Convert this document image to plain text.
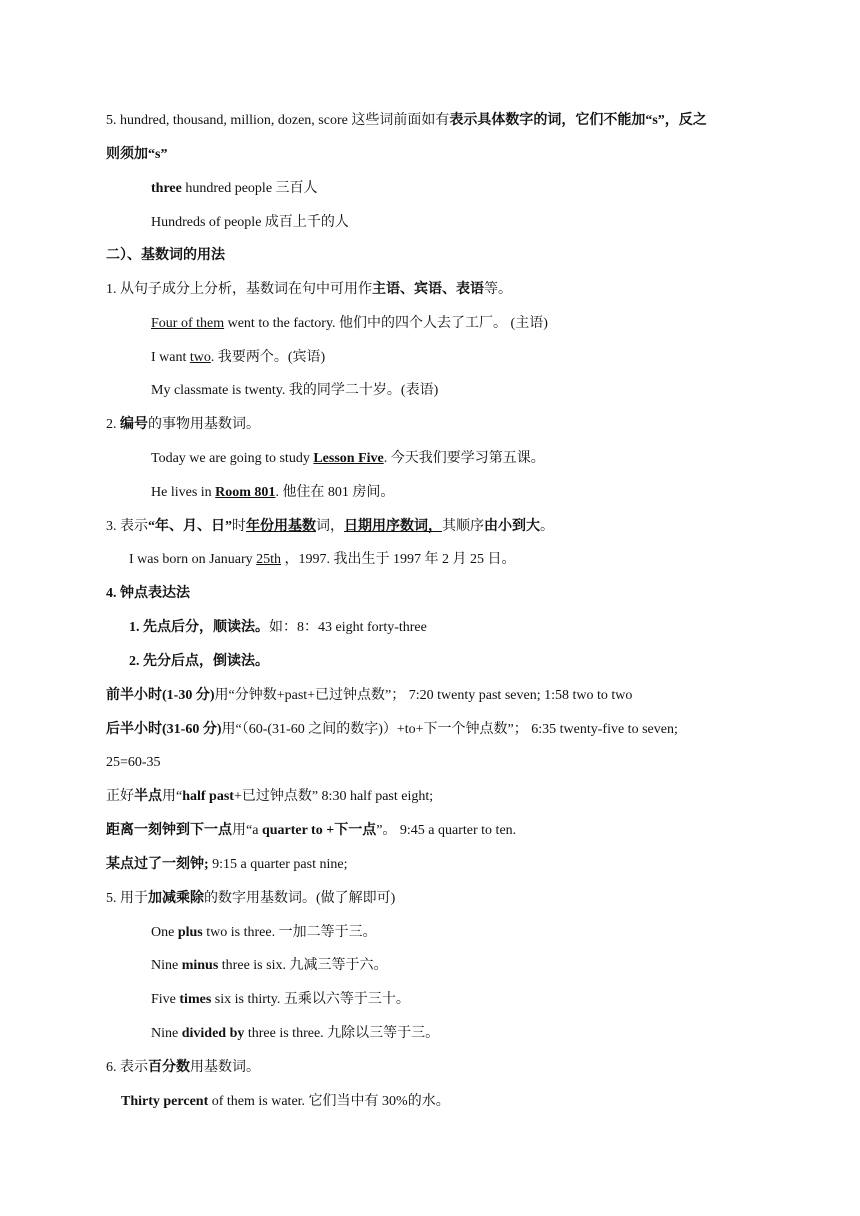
5. hundred, thousand, million, dozen, score 这些词前面如有表示具体数字的词，它们不能加“s”，反之
则须加“s”
three hundred people 三百人
Hundreds of people 成百上千的人
二）、基数词的用法
1. 从句子成分上分析，基数词在句中可用作主语、宾语、表语等。
Four of them went to the factory. 他们中的四个人去了工厂。 (主语)
I want two. 我要两个。(宾语)
My classmate is twenty. 我的同学二十岁。(表语)
2. 编号的事物用基数词。
Today we are going to study Lesson Five. 今天我们要学习第五课。
He lives in Room 801. 他住在 801 房间。
3. 表示“年、月、日”时年份用基数词，日期用序数词，其顺序由小到大。
I was born on January 25th ，1997. 我出生于 1997 年 2 月 25 日。
4. 钟点表达法
1. 先点后分，顺读法。如：8：43 eight forty-three
2. 先分后点，倒读法。
前半小时(1-30 分)用“分钟数+past+已过钟点数”； 7:20 twenty past seven; 1:58 two to two
后半小时(31-60 分)用“（60-(31-60 之间的数字)）+to+下一个钟点数”； 6:35 twenty-five to seven;
25=60-35
正好半点用“half past+已过钟点数” 8:30 half past eight;
距离一刻钟到下一点用“a quarter to +下一点”。 9:45 a quarter to ten.
某点过了一刻钟; 9:15 a quarter past nine;
5. 用于加减乘除的数字用基数词。(做了解即可)
One plus two is three. 一加二等于三。
Nine minus three is six. 九减三等于六。
Five times six is thirty. 五乘以六等于三十。
Nine divided by three is three. 九除以三等于三。
6. 表示百分数用基数词。
Thirty percent of them is water. 它们当中有 30%的水。
